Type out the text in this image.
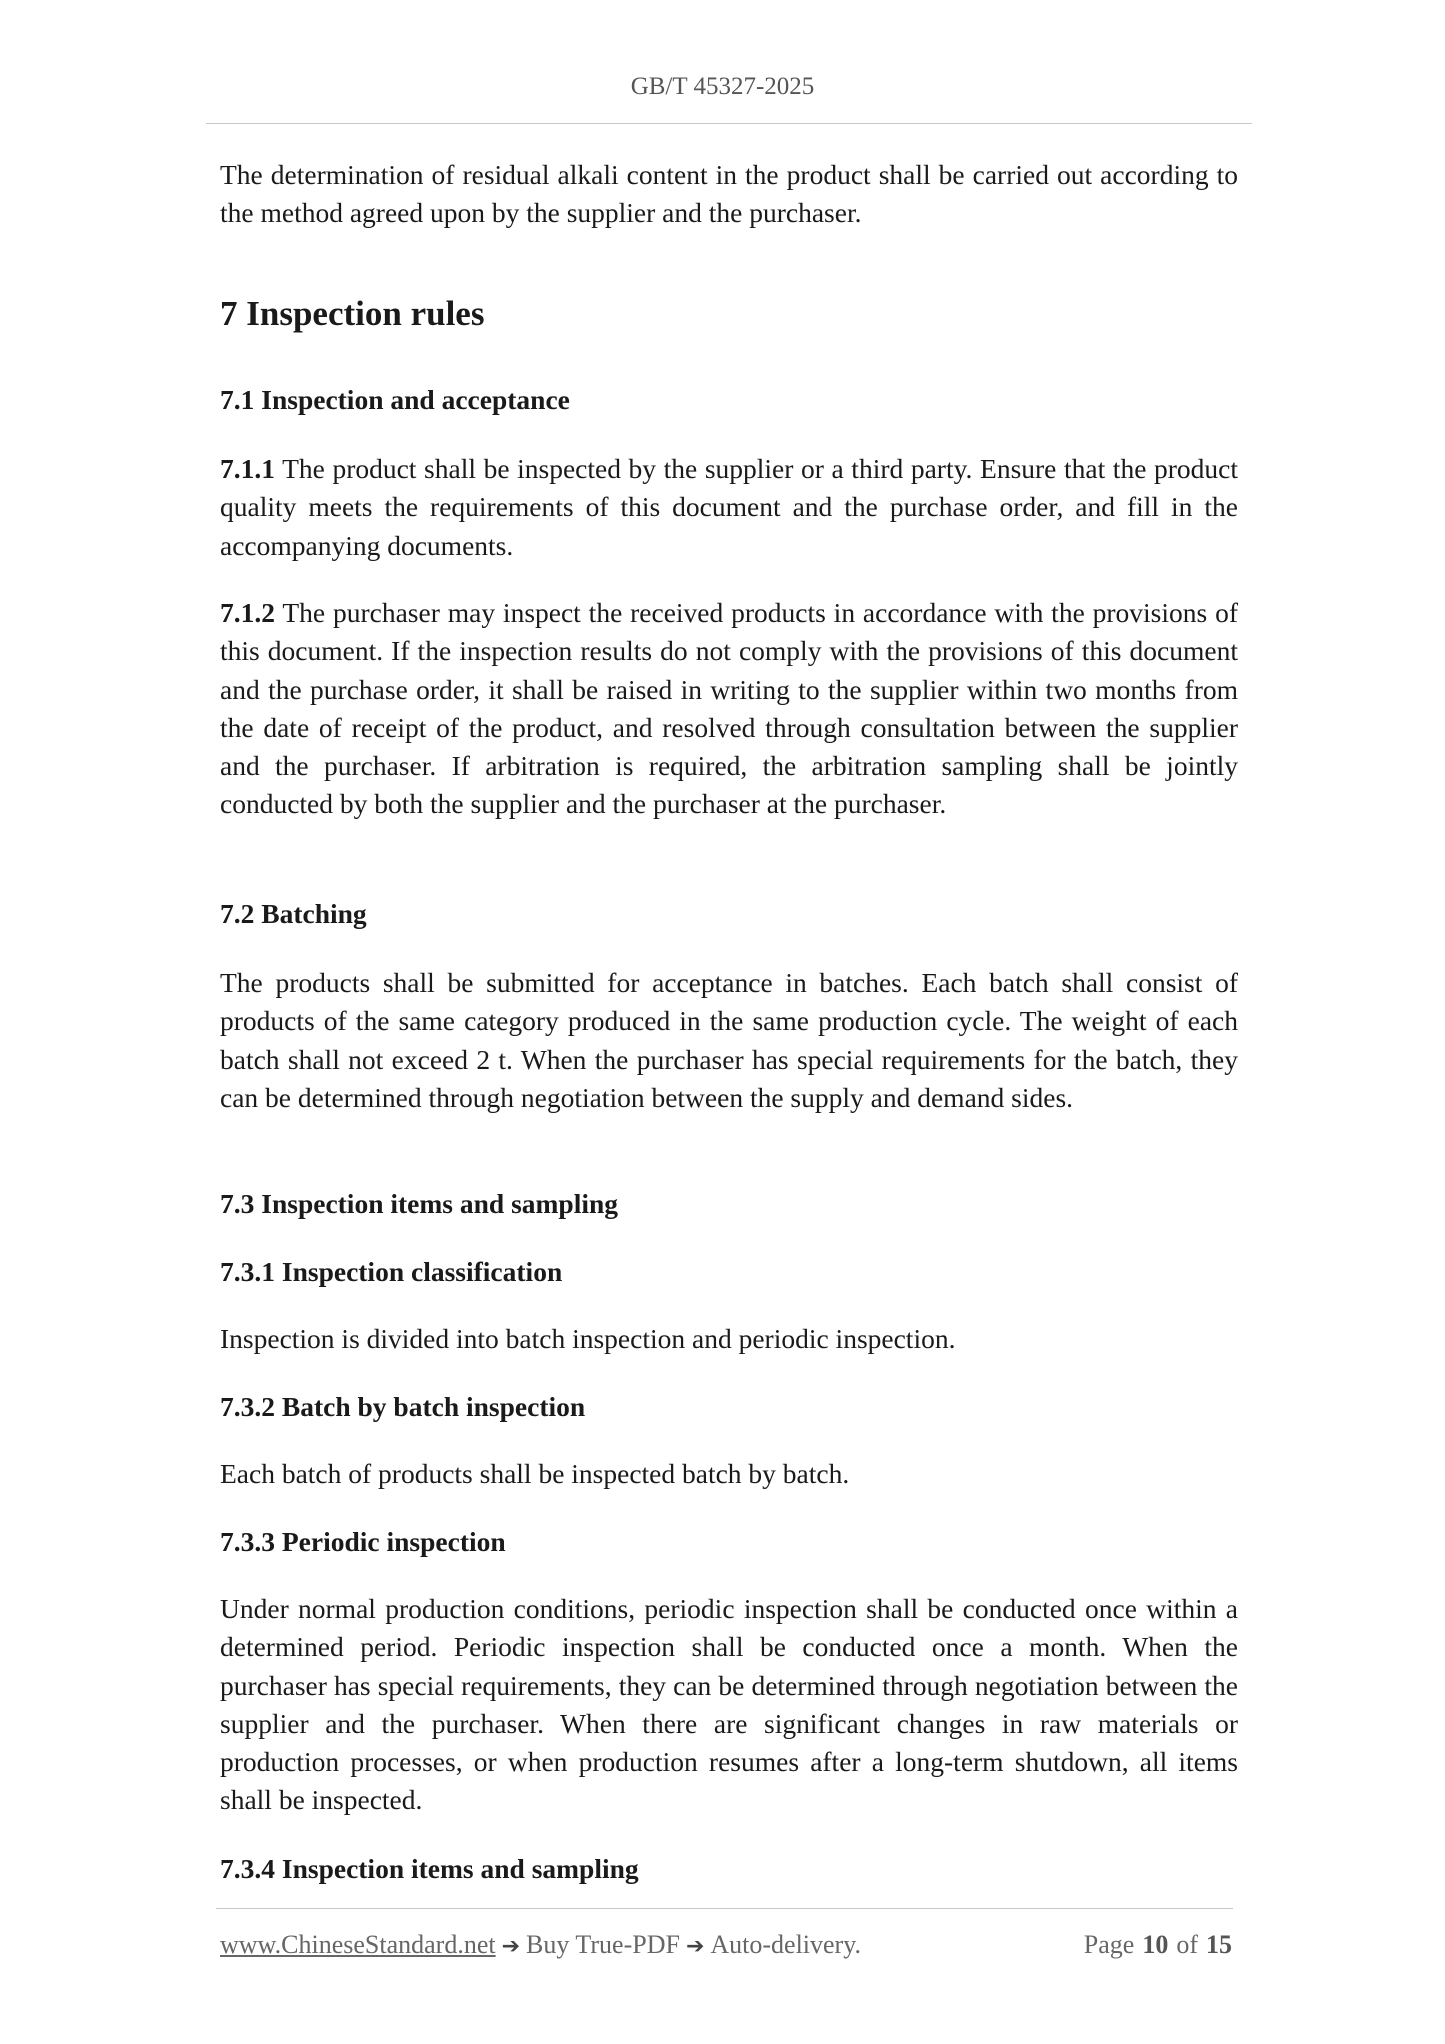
GB/T 45327-2025

The determination of residual alkali content in the product shall be carried out according to the method agreed upon by the supplier and the purchaser.

7 Inspection rules
7.1 Inspection and acceptance

7.1.1 The product shall be inspected by the supplier or a third party. Ensure that the product quality meets the requirements of this document and the purchase order, and fill in the accompanying documents.

7.1.2 The purchaser may inspect the received products in accordance with the provisions of this document. If the inspection results do not comply with the provisions of this document and the purchase order, it shall be raised in writing to the supplier within two months from the date of receipt of the product, and resolved through consultation between the supplier and the purchaser. If arbitration is required, the arbitration sampling shall be jointly conducted by both the supplier and the purchaser at the purchaser.

7.2 Batching

The products shall be submitted for acceptance in batches. Each batch shall consist of products of the same category produced in the same production cycle. The weight of each batch shall not exceed 2 t. When the purchaser has special requirements for the batch, they can be determined through negotiation between the supply and demand sides.

7.3 Inspection items and sampling
7.3.1 Inspection classification

Inspection is divided into batch inspection and periodic inspection.

7.3.2 Batch by batch inspection

Each batch of products shall be inspected batch by batch.

7.3.3 Periodic inspection

Under normal production conditions, periodic inspection shall be conducted once within a determined period. Periodic inspection shall be conducted once a month. When the purchaser has special requirements, they can be determined through negotiation between the supplier and the purchaser. When there are significant changes in raw materials or production processes, or when production resumes after a long-term shutdown, all items shall be inspected.

7.3.4 Inspection items and sampling
www.ChineseStandard.net ➔ Buy True-PDF ➔ Auto-delivery.	Page 10 of 15
